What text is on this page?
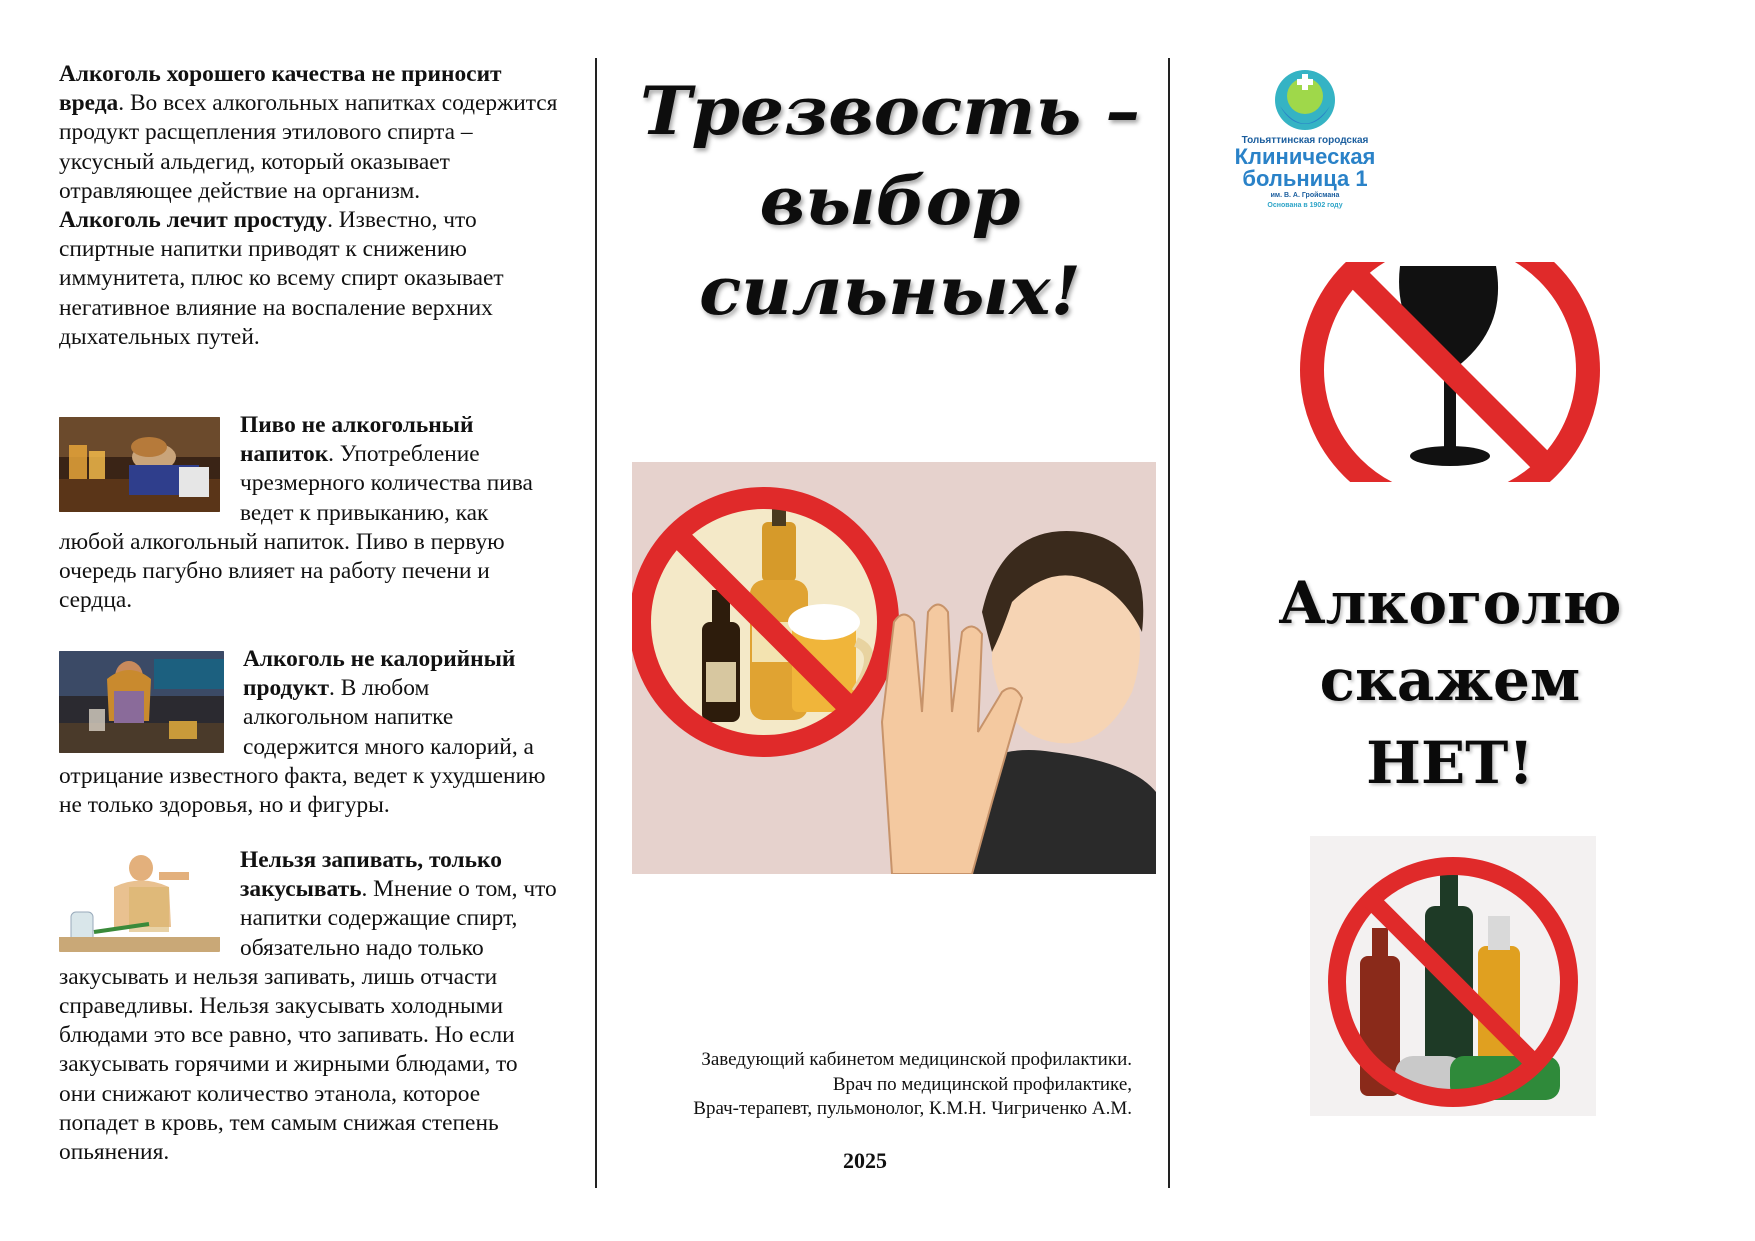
Алкоголь хорошего качества не приносит вреда. Во всех алкогольных напитках содержится продукт расщепления этилового спирта – уксусный альдегид, который оказывает отравляющее действие на организм.

Алкоголь лечит простуду. Известно, что спиртные напитки приводят к снижению иммунитета, плюс ко всему спирт оказывает негативное влияние на воспаление верхних дыхательных путей.

Пиво не алкогольный напиток. Употребление чрезмерного количества пива ведет к привыканию, как любой алкогольный напиток. Пиво в первую очередь пагубно влияет на работу печени и сердца.

Алкоголь не калорийный продукт. В любом алкогольном напитке содержится много калорий, а отрицание известного факта, ведет к ухудшению не только здоровья, но и фигуры.

Нельзя запивать, только закусывать. Мнение о том, что напитки содержащие спирт, обязательно надо только закусывать и нельзя запивать, лишь отчасти справедливы. Нельзя закусывать холодными блюдами это все равно, что запивать. Но если закусывать горячими и жирными блюдами, то они снижают количество этанола, которое попадет в кровь, тем самым снижая степень опьянения.

Трезвость –
выбор
сильных!
Заведующий кабинетом медицинской профилактики.
Врач по медицинской профилактике,
Врач-терапевт, пульмонолог, К.М.Н. Чигриченко А.М.
2025
Тольяттинская городская
Клиническая
больница 1
им. В. А. Гройсмана
Основана в 1902 году
Алкоголю
скажем
НЕТ!
